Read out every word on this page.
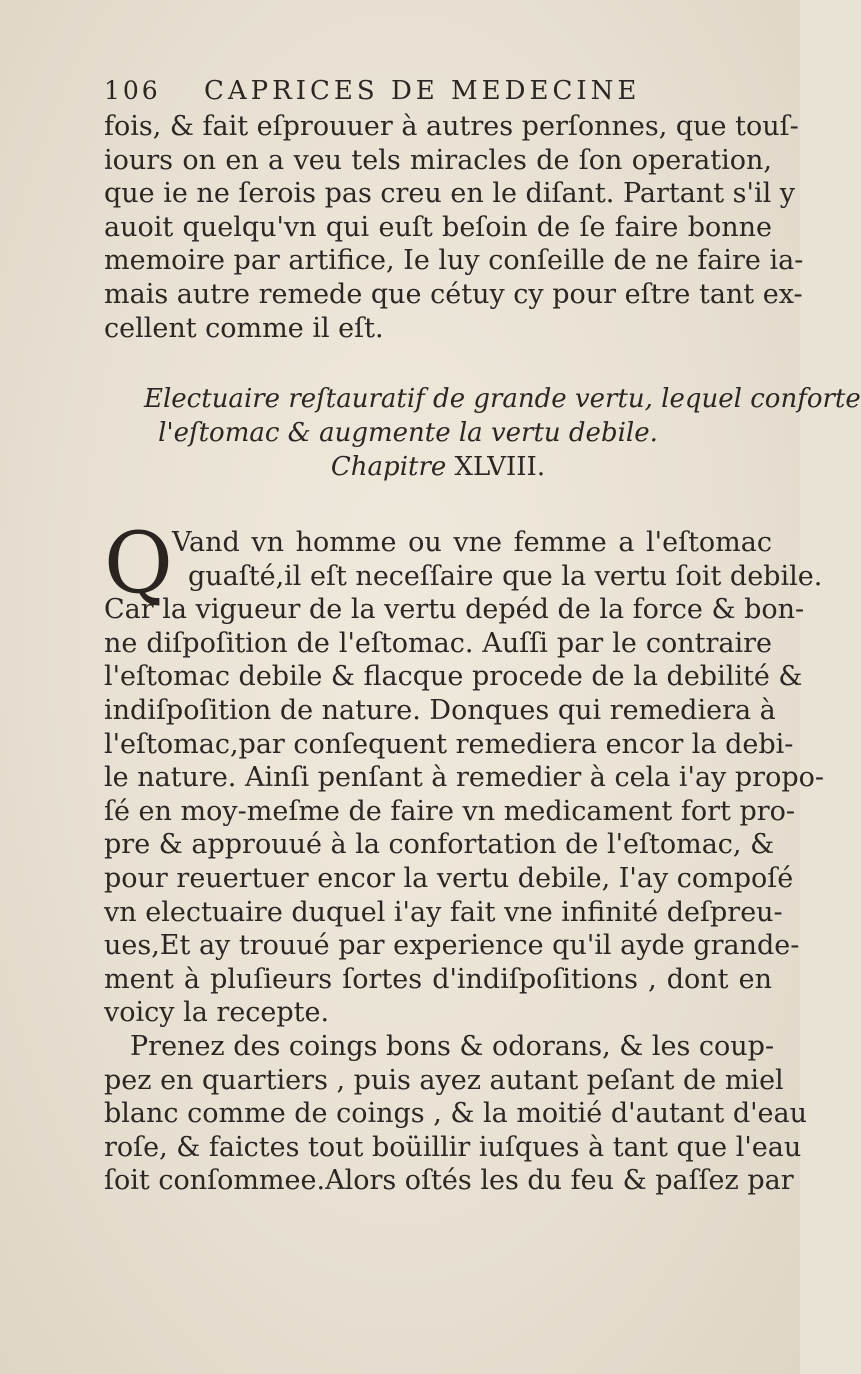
106 CAPRICES DE MEDECINE
fois, & fait eſprouuer à autres perſonnes, que touſ-
iours on en a veu tels miracles de ſon operation,
que ie ne ſerois pas creu en le diſant. Partant s'il y
auoit quelqu'vn qui euſt beſoin de ſe faire bonne
memoire par artifice, Ie luy conſeille de ne faire ia-
mais autre remede que cétuy cy pour eſtre tant ex-
cellent comme il eſt.
Electuaire reſtauratif de grande vertu, lequel conforte
l'eſtomac & augmente la vertu debile.
Chapitre XLVIII.
Q Vand vn homme ou vne femme a l'eſtomac
guaſté,il eſt neceſſaire que la vertu ſoit debile.
Car la vigueur de la vertu depéd de la force & bon-
ne diſpoſition de l'eſtomac. Auſſi par le contraire
l'eſtomac debile & flacque procede de la debilité &
indiſpoſition de nature. Donques qui remediera à
l'eſtomac,par conſequent remediera encor la debi-
le nature. Ainſi penſant à remedier à cela i'ay propo-
ſé en moy-meſme de faire vn medicament fort pro-
pre & approuué à la confortation de l'eſtomac, &
pour reuertuer encor la vertu debile, I'ay compoſé
vn electuaire duquel i'ay fait vne infinité deſpreu-
ues,Et ay trouué par experience qu'il ayde grande-
ment à pluſieurs ſortes d'indiſpoſitions , dont en
voicy la recepte.
Prenez des coings bons & odorans, & les coup-
pez en quartiers , puis ayez autant peſant de miel
blanc comme de coings , & la moitié d'autant d'eau
roſe, & faictes tout boüillir iuſques à tant que l'eau
ſoit conſommee.Alors oſtés les du feu & paſſez par
